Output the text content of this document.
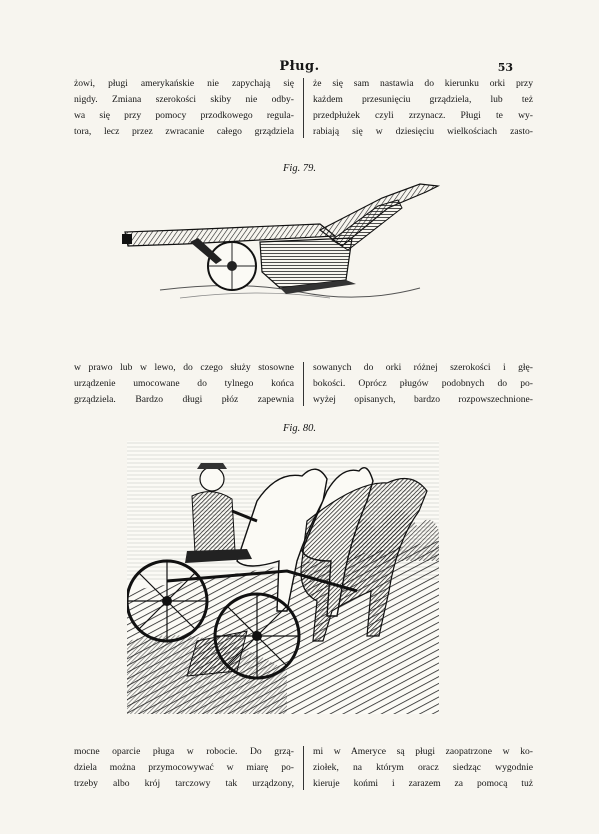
Pług.	53

żowi, pługi amerykańskie nie zapychają się

nigdy. Zmiana szerokości skiby nie odby-

wa się przy pomocy przodkowego regula-

tora, lecz przez zwracanie całego grządziela

że się sam nastawia do kierunku orki przy

każdem przesunięciu grządziela, lub też

przedpłużek czyli zrzynacz. Pługi te wy-

rabiają się w dziesięciu wielkościach zasto-

Fig. 79.

w prawo lub w lewo, do czego służy stosowne

urządzenie umocowane do tylnego końca

grządziela. Bardzo długi płóz zapewnia

sowanych do orki różnej szerokości i głę-

bokości. Oprócz pługów podobnych do po-

wyżej opisanych, bardzo rozpowszechnione-

Fig. 80.

mocne oparcie pługa w robocie. Do grzą-

dziela można przymocowywać w miarę po-

trzeby albo krój tarczowy tak urządzony,

mi w Ameryce są pługi zaopatrzone w ko-

ziołek, na którym oracz siedząc wygodnie

kieruje końmi i zarazem za pomocą tuż
